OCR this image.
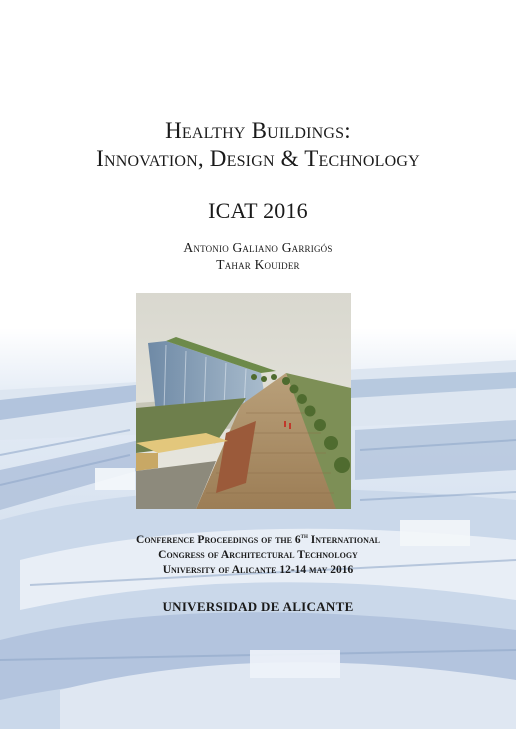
Healthy Buildings:
Innovation, Design & Technology
ICAT 2016
Antonio Galiano Garrigós
Tahar Kouider
Conference Proceedings of the 6th International
Congress of Architectural Technology
University of Alicante 12-14 may 2016
UNIVERSIDAD DE ALICANTE
